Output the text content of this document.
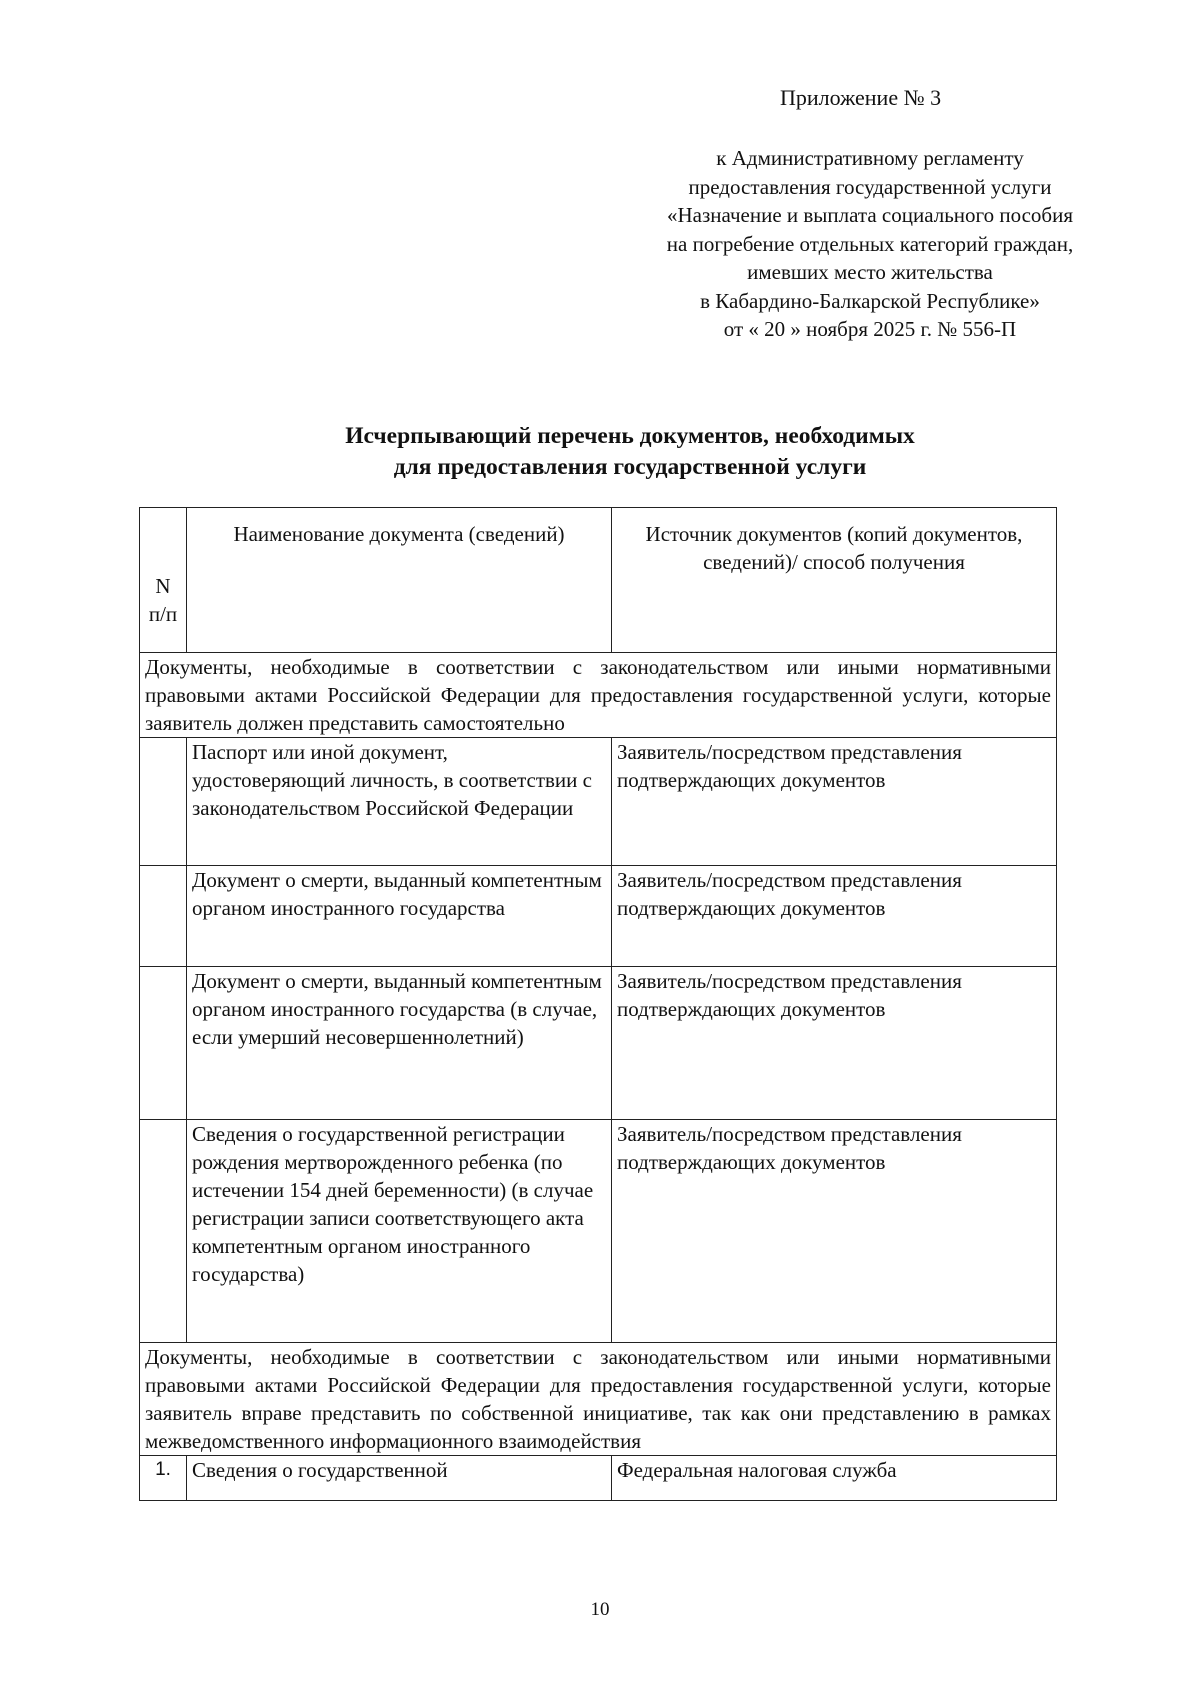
Приложение № 3
к Административному регламенту
предоставления государственной услуги
«Назначение и выплата социального пособия
на погребение отдельных категорий граждан,
имевших место жительства
в Кабардино-Балкарской Республике»
от « 20 » ноября 2025 г. № 556-П
Исчерпывающий перечень документов, необходимых
для предоставления государственной услуги
N п/п	Наименование документа (сведений)	Источник документов (копий документов, сведений)/ способ получения
Документы, необходимые в соответствии с законодательством или иными нормативными правовыми актами Российской Федерации для предоставления государственной услуги, которые заявитель должен представить самостоятельно		
	Паспорт или иной документ, удостоверяющий личность, в соответствии с законодательством Российской Федерации	Заявитель/посредством представления подтверждающих документов
	Документ о смерти, выданный компетентным органом иностранного государства	Заявитель/посредством представления подтверждающих документов
	Документ о смерти, выданный компетентным органом иностранного государства (в случае, если умерший несовершеннолетний)	Заявитель/посредством представления подтверждающих документов
	Сведения о государственной регистрации рождения мертворожденного ребенка (по истечении 154 дней беременности) (в случае регистрации записи соответствующего акта компетентным органом иностранного государства)	Заявитель/посредством представления подтверждающих документов
Документы, необходимые в соответствии с законодательством или иными нормативными правовыми актами Российской Федерации для предоставления государственной услуги, которые заявитель вправе представить по собственной инициативе, так как они представлению в рамках межведомственного информационного взаимодействия		
1.	Сведения о государственной	Федеральная налоговая служба
10
